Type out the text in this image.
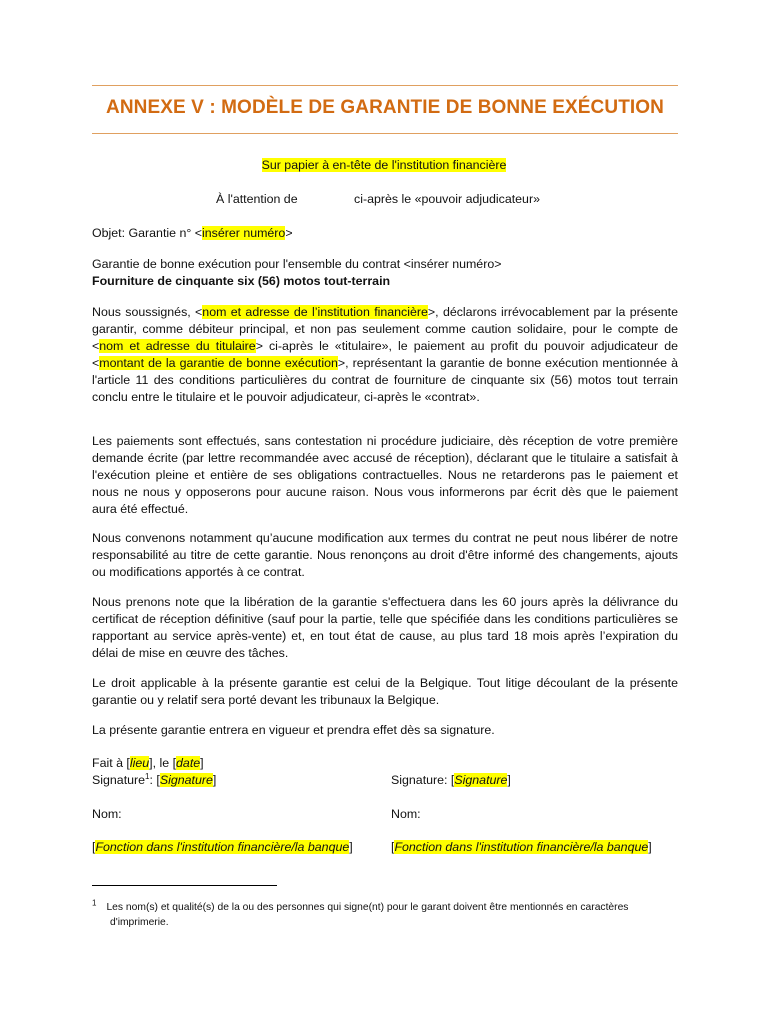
ANNEXE V : MODÈLE DE GARANTIE DE BONNE EXÉCUTION
Sur papier à en-tête de l'institution financière
À l'attention de	ci-après le «pouvoir adjudicateur»
Objet: Garantie n° <insérer numéro>
Garantie de bonne exécution pour l'ensemble du contrat <insérer numéro>
Fourniture de cinquante six (56) motos tout-terrain
Nous soussignés, <nom et adresse de l’institution financière>, déclarons irrévocablement par la présente garantir, comme débiteur principal, et non pas seulement comme caution solidaire, pour le compte de <nom et adresse du titulaire> ci-après le «titulaire», le paiement au profit du pouvoir adjudicateur de <montant de la garantie de bonne exécution>, représentant la garantie de bonne exécution mentionnée à l'article 11 des conditions particulières du contrat de fourniture de cinquante six (56) motos tout terrain conclu entre le titulaire et le pouvoir adjudicateur, ci-après le «contrat».
Les paiements sont effectués, sans contestation ni procédure judiciaire, dès réception de votre première demande écrite (par lettre recommandée avec accusé de réception), déclarant que le titulaire a satisfait à l'exécution pleine et entière de ses obligations contractuelles. Nous ne retarderons pas le paiement et nous ne nous y opposerons pour aucune raison. Nous vous informerons par écrit dès que le paiement aura été effectué.
Nous convenons notamment qu’aucune modification aux termes du contrat ne peut nous libérer de notre responsabilité au titre de cette garantie. Nous renonçons au droit d'être informé des changements, ajouts ou modifications apportés à ce contrat.
Nous prenons note que la libération de la garantie s'effectuera dans les 60 jours après la délivrance du certificat de réception définitive (sauf pour la partie, telle que spécifiée dans les conditions particulières se rapportant au service après-vente) et, en tout état de cause, au plus tard 18 mois après l’expiration du délai de mise en œuvre des tâches.
Le droit applicable à la présente garantie est celui de la Belgique. Tout litige découlant de la présente garantie ou y relatif sera porté devant les tribunaux la Belgique.
La présente garantie entrera en vigueur et prendra effet dès sa signature.
Fait à [lieu], le [date]
Signature$^1$: [Signature]	Signature: [Signature]
Nom:	Nom:
[Fonction dans l'institution financière/la banque]	[Fonction dans l'institution financière/la banque]
$^1$ Les nom(s) et qualité(s) de la ou des personnes qui signe(nt) pour le garant doivent être mentionnés en caractères d'imprimerie.
